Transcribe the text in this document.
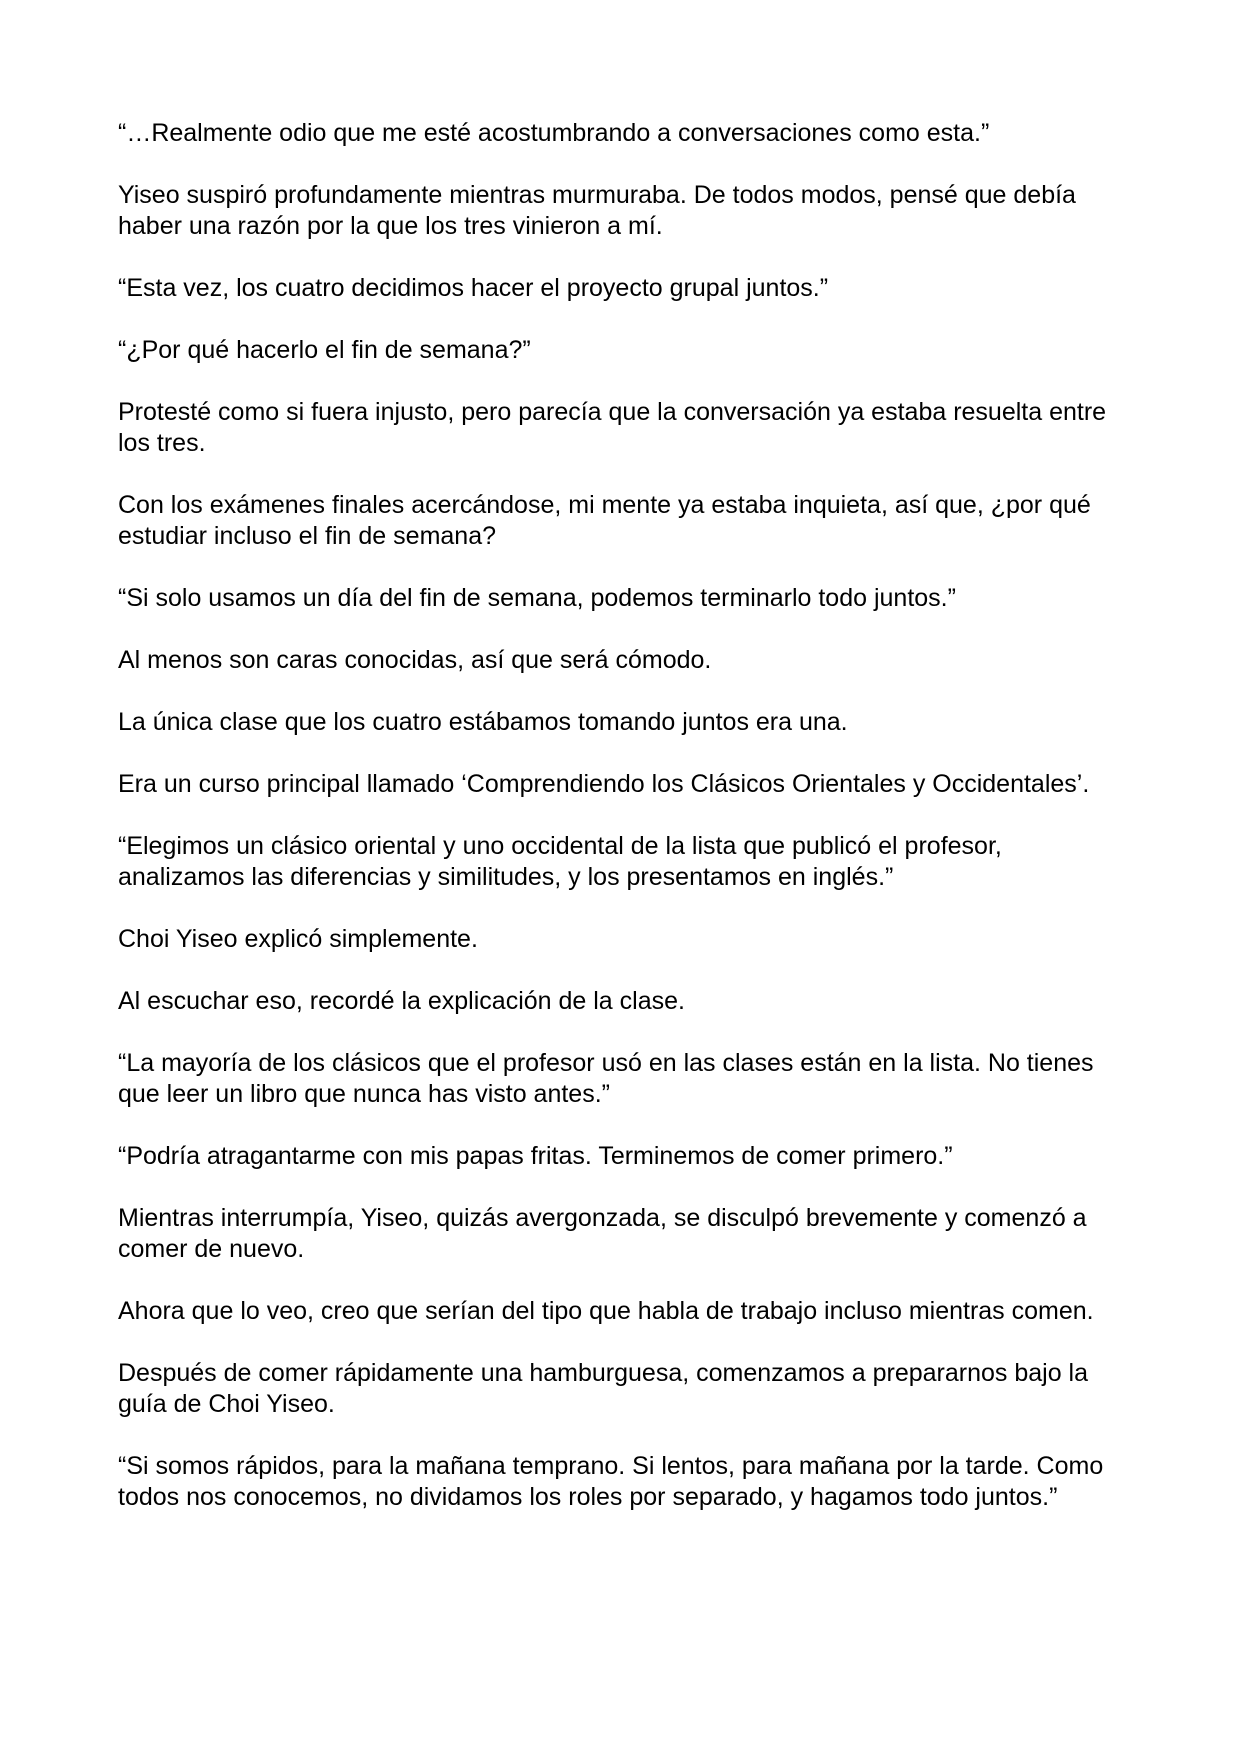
“…Realmente odio que me esté acostumbrando a conversaciones como esta.”

Yiseo suspiró profundamente mientras murmuraba. De todos modos, pensé que debía haber una razón por la que los tres vinieron a mí.

“Esta vez, los cuatro decidimos hacer el proyecto grupal juntos.”

“¿Por qué hacerlo el fin de semana?”

Protesté como si fuera injusto, pero parecía que la conversación ya estaba resuelta entre los tres.

Con los exámenes finales acercándose, mi mente ya estaba inquieta, así que, ¿por qué estudiar incluso el fin de semana?

“Si solo usamos un día del fin de semana, podemos terminarlo todo juntos.”

Al menos son caras conocidas, así que será cómodo.

La única clase que los cuatro estábamos tomando juntos era una.

Era un curso principal llamado ‘Comprendiendo los Clásicos Orientales y Occidentales’.

“Elegimos un clásico oriental y uno occidental de la lista que publicó el profesor, analizamos las diferencias y similitudes, y los presentamos en inglés.”

Choi Yiseo explicó simplemente.

Al escuchar eso, recordé la explicación de la clase.

“La mayoría de los clásicos que el profesor usó en las clases están en la lista. No tienes que leer un libro que nunca has visto antes.”

“Podría atragantarme con mis papas fritas. Terminemos de comer primero.”

Mientras interrumpía, Yiseo, quizás avergonzada, se disculpó brevemente y comenzó a comer de nuevo.

Ahora que lo veo, creo que serían del tipo que habla de trabajo incluso mientras comen.

Después de comer rápidamente una hamburguesa, comenzamos a prepararnos bajo la guía de Choi Yiseo.

“Si somos rápidos, para la mañana temprano. Si lentos, para mañana por la tarde. Como todos nos conocemos, no dividamos los roles por separado, y hagamos todo juntos.”
